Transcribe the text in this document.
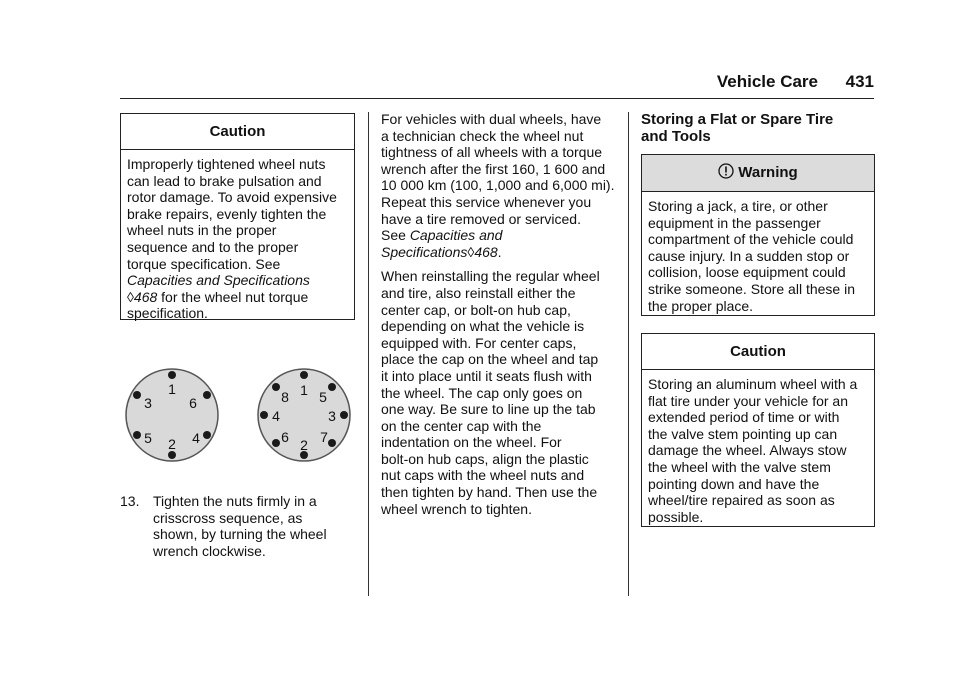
Vehicle Care 431
Caution
Improperly tightened wheel nuts
can lead to brake pulsation and
rotor damage. To avoid expensive
brake repairs, evenly tighten the
wheel nuts in the proper
sequence and to the proper
torque specification. See
Capacities and Specifications
◊468 for the wheel nut torque
specification.
1
6
4
2
5
3
1 5
3
7
2
6
4
8
13. Tighten the nuts firmly in a
crisscross sequence, as
shown, by turning the wheel
wrench clockwise.
For vehicles with dual wheels, have
a technician check the wheel nut
tightness of all wheels with a torque
wrench after the first 160, 1 600 and
10 000 km (100, 1,000 and 6,000 mi).
Repeat this service whenever you
have a tire removed or serviced.
See Capacities and
Specifications◊468.
When reinstalling the regular wheel
and tire, also reinstall either the
center cap, or bolt-on hub cap,
depending on what the vehicle is
equipped with. For center caps,
place the cap on the wheel and tap
it into place until it seats flush with
the wheel. The cap only goes on
one way. Be sure to line up the tab
on the center cap with the
indentation on the wheel. For
bolt-on hub caps, align the plastic
nut caps with the wheel nuts and
then tighten by hand. Then use the
wheel wrench to tighten.
Storing a Flat or Spare Tire
and Tools
Warning
Storing a jack, a tire, or other
equipment in the passenger
compartment of the vehicle could
cause injury. In a sudden stop or
collision, loose equipment could
strike someone. Store all these in
the proper place.
Caution
Storing an aluminum wheel with a
flat tire under your vehicle for an
extended period of time or with
the valve stem pointing up can
damage the wheel. Always stow
the wheel with the valve stem
pointing down and have the
wheel/tire repaired as soon as
possible.
